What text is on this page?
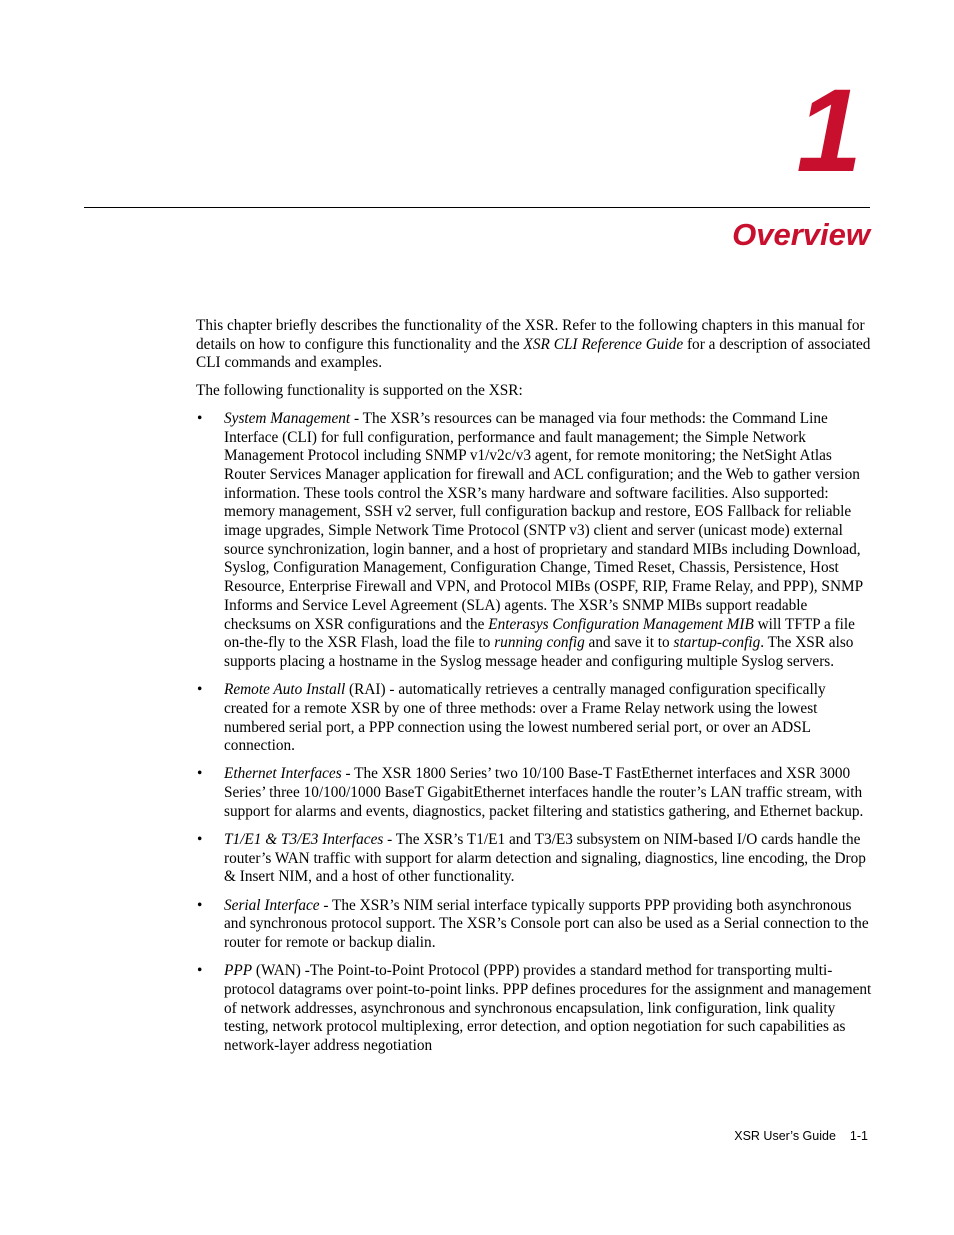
1
Overview

This chapter briefly describes the functionality of the XSR. Refer to the following chapters in this manual for details on how to configure this functionality and the XSR CLI Reference Guide for a description of associated CLI commands and examples.

The following functionality is supported on the XSR:

• System Management - The XSR’s resources can be managed via four methods: the Command Line Interface (CLI) for full configuration, performance and fault management; the Simple Network Management Protocol including SNMP v1/v2c/v3 agent, for remote monitoring; the NetSight Atlas Router Services Manager application for firewall and ACL configuration; and the Web to gather version information. These tools control the XSR’s many hardware and software facilities. Also supported: memory management, SSH v2 server, full configuration backup and restore, EOS Fallback for reliable image upgrades, Simple Network Time Protocol (SNTP v3) client and server (unicast mode) external source synchronization, login banner, and a host of proprietary and standard MIBs including Download, Syslog, Configuration Management, Configuration Change, Timed Reset, Chassis, Persistence, Host Resource, Enterprise Firewall and VPN, and Protocol MIBs (OSPF, RIP, Frame Relay, and PPP), SNMP Informs and Service Level Agreement (SLA) agents. The XSR’s SNMP MIBs support readable checksums on XSR configurations and the Enterasys Configuration Management MIB will TFTP a file on-the-fly to the XSR Flash, load the file to running config and save it to startup-config. The XSR also supports placing a hostname in the Syslog message header and configuring multiple Syslog servers.
• Remote Auto Install (RAI) - automatically retrieves a centrally managed configuration specifically created for a remote XSR by one of three methods: over a Frame Relay network using the lowest numbered serial port, a PPP connection using the lowest numbered serial port, or over an ADSL connection.
• Ethernet Interfaces - The XSR 1800 Series’ two 10/100 Base-T FastEthernet interfaces and XSR 3000 Series’ three 10/100/1000 BaseT GigabitEthernet interfaces handle the router’s LAN traffic stream, with support for alarms and events, diagnostics, packet filtering and statistics gathering, and Ethernet backup.
• T1/E1 & T3/E3 Interfaces - The XSR’s T1/E1 and T3/E3 subsystem on NIM-based I/O cards handle the router’s WAN traffic with support for alarm detection and signaling, diagnostics, line encoding, the Drop & Insert NIM, and a host of other functionality.
• Serial Interface - The XSR’s NIM serial interface typically supports PPP providing both asynchronous and synchronous protocol support. The XSR’s Console port can also be used as a Serial connection to the router for remote or backup dialin.
• PPP (WAN) -The Point-to-Point Protocol (PPP) provides a standard method for transporting multi-protocol datagrams over point-to-point links. PPP defines procedures for the assignment and management of network addresses, asynchronous and synchronous encapsulation, link configuration, link quality testing, network protocol multiplexing, error detection, and option negotiation for such capabilities as network-layer address negotiation
XSR User’s Guide 1-1
